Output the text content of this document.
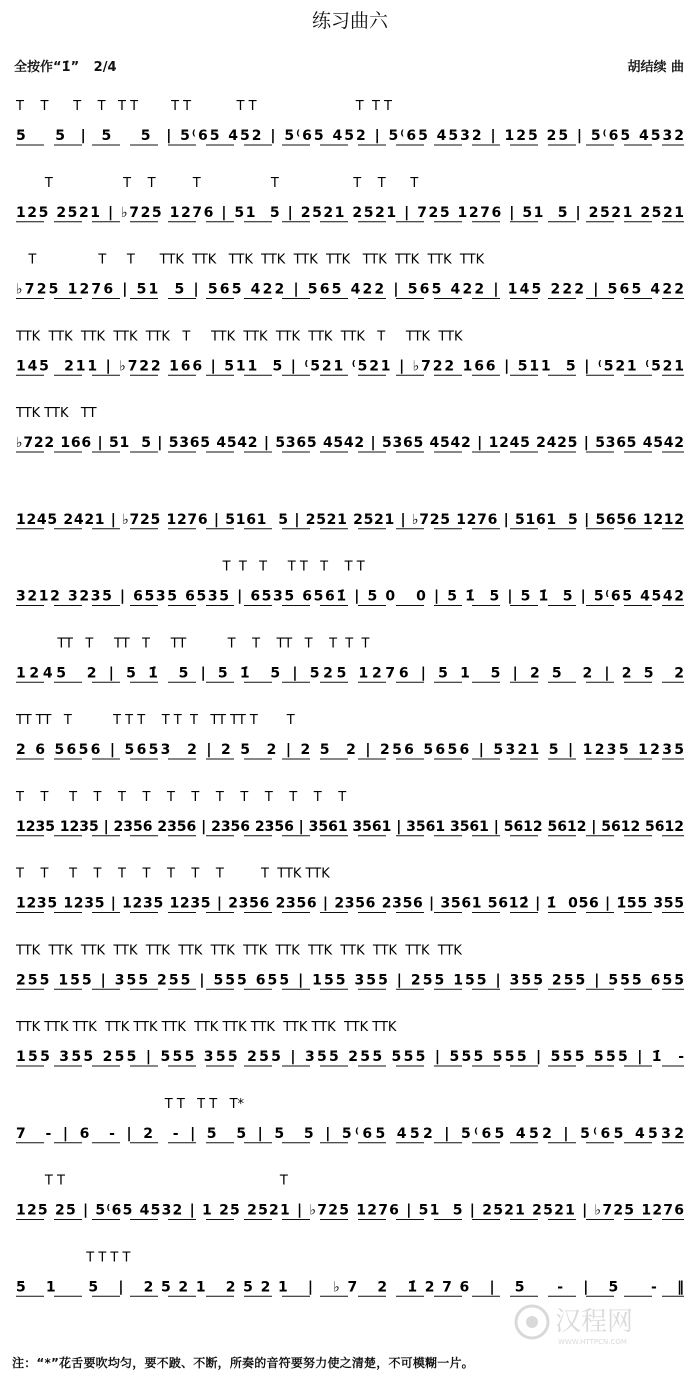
练习曲六
全按作“1̇” 2/4	胡结续 曲
T    T      T    T   T T        T T           T T                        T  T T
5    5  |  5    5  | 5⁽65 452 | 5⁽65 452 | 5⁽65 4532 | 125 25 | 5⁽65 4532
T                 T    T         T                 T                  T    T      T
125 2521 | ♭725 1276 | 51  5 | 2521 2521 | 725 1276 | 51  5 | 2521 2521
T               T     T      TTK  TTK   TTK  TTK  TTK  TTK   TTK  TTK  TTK  TTK
♭725 1276 | 51  5 | 565 422 | 565 422 | 565 422 | 145 222 | 565 422
TTK  TTK  TTK  TTK  TTK   T     TTK  TTK  TTK  TTK  TTK   T     TTK  TTK
145  211 | ♭722 166 | 511  5 | ⁽521 ⁽521 | ♭722 166 | 511  5 | ⁽521 ⁽521
TTK TTK   TT
♭722 166 | 51  5 | 5365 4542 | 5365 4542 | 5365 4542 | 1245 2425 | 5365 4542
1245 2421 | ♭725 1276 | 5161  5 | 2521 2521 | ♭725 1276 | 5161  5 | 5656 1212
T  T   T     T T   T    T T
3212 3235 | 6535 6535 | 6535 6561̇ | 5 0   0 | 5 1̇  5 | 5 1̇  5 | 5⁽65 4542
TT   T     TT   T     TT          T    T    TT   T    T  T  T
1245  2 | 5 1̇  5 | 5 1̇  5 | 525 1276 | 5 1  5 | 2 5  2 | 2 5  2
TT TT   T          T T T    T T  T   TT TT T       T
2 6 5656 | 5653  2 | 2 5  2 | 2 5  2 | 256 5656 | 5321 5 | 1235 1235
T    T     T    T    T    T    T    T    T    T    T    T    T    T
1235 1235 | 2356 2356 | 2356 2356 | 3561 3561 | 3561 3561 | 5612 5612 | 5612 5612
T    T     T    T    T    T    T    T    T         T  TTK TTK
1235 1235 | 1235 1235 | 2356 2356 | 2356 2356 | 3561 5612̇ | 1̇  056 | 1̇55 355
TTK  TTK  TTK  TTK  TTK  TTK  TTK  TTK  TTK  TTK  TTK  TTK  TTK  TTK
255 155 | 355 255 | 555 655 | 155 355 | 255 155 | 355 255 | 555 655
TTK TTK TTK  TTK TTK TTK  TTK TTK TTK  TTK TTK  TTK TTK
155 355 255 | 555 355 255 | 355 255 555 | 555 555 | 555 555 | 1̇  -
T T   T T   T*
7  - | 6  - | 2  - | 5  5 | 5  5 | 5⁽65 452 | 5⁽65 452 | 5⁽65 4532
T T                                                    T
125 25 | 5⁽65 4532 | 1 25 2521 | ♭725 1276 | 51  5 | 2521 2521 | ♭725 1276
T T T T
5 1  5 | 2521 2521 | ♭7 2 1̇276 | 5  - | 5  - ‖
汉程网
WWW.HTTPCN.COM
注：“*”花舌要吹均匀，要不跛、不断，所奏的音符要努力使之清楚，不可模糊一片。
